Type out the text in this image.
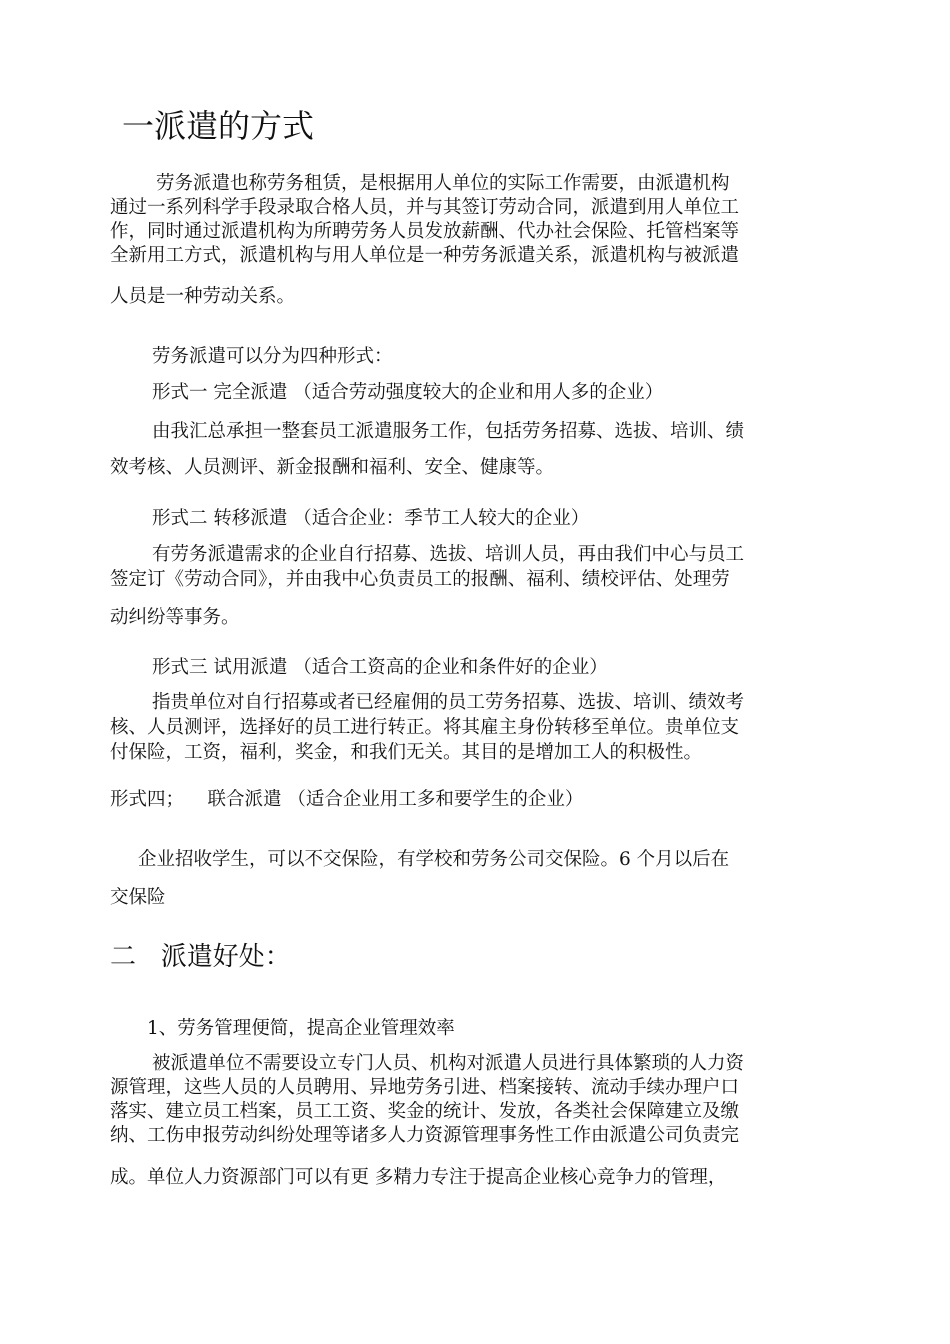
一派遣的方式
劳务派遣也称劳务租赁，是根据用人单位的实际工作需要，由派遣机构
通过一系列科学手段录取合格人员，并与其签订劳动合同，派遣到用人单位工
作，同时通过派遣机构为所聘劳务人员发放薪酬、代办社会保险、托管档案等
全新用工方式，派遣机构与用人单位是一种劳务派遣关系，派遣机构与被派遣
人员是一种劳动关系。
劳务派遣可以分为四种形式：
形式一 完全派遣 （适合劳动强度较大的企业和用人多的企业）
由我汇总承担一整套员工派遣服务工作，包括劳务招募、选拔、培训、绩
效考核、人员测评、新金报酬和福利、安全、健康等。
形式二 转移派遣 （适合企业：季节工人较大的企业）
有劳务派遣需求的企业自行招募、选拔、培训人员，再由我们中心与员工
签定订《劳动合同》，并由我中心负责员工的报酬、福利、绩校评估、处理劳
动纠纷等事务。
形式三 试用派遣 （适合工资高的企业和条件好的企业）
指贵单位对自行招募或者已经雇佣的员工劳务招募、选拔、培训、绩效考
核、人员测评，选择好的员工进行转正。将其雇主身份转移至单位。贵单位支
付保险，工资，福利，奖金，和我们无关。其目的是增加工人的积极性。
形式四；    联合派遣 （适合企业用工多和要学生的企业）
企业招收学生，可以不交保险，有学校和劳务公司交保险。6 个月以后在
交保险
二   派遣好处：
1、劳务管理便简，提高企业管理效率
被派遣单位不需要设立专门人员、机构对派遣人员进行具体繁琐的人力资
源管理，这些人员的人员聘用、异地劳务引进、档案接转、流动手续办理户口
落实、建立员工档案，员工工资、奖金的统计、发放，各类社会保障建立及缴
纳、工伤申报劳动纠纷处理等诸多人力资源管理事务性工作由派遣公司负责完
成。单位人力资源部门可以有更 多精力专注于提高企业核心竞争力的管理，
